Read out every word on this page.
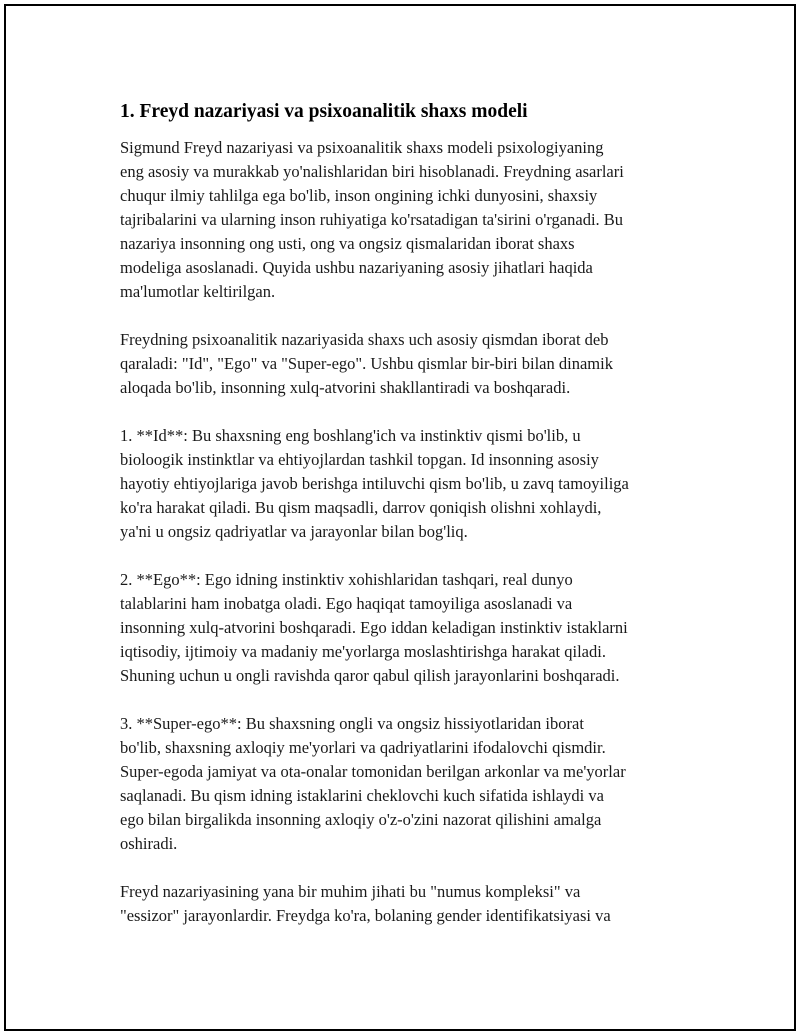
1. Freyd nazariyasi va psixoanalitik shaxs modeli

Sigmund Freyd nazariyasi va psixoanalitik shaxs modeli psixologiyaning
eng asosiy va murakkab yo'nalishlaridan biri hisoblanadi. Freydning asarlari
chuqur ilmiy tahlilga ega bo'lib, inson ongining ichki dunyosini, shaxsiy
tajribalarini va ularning inson ruhiyatiga ko'rsatadigan ta'sirini o'rganadi. Bu
nazariya insonning ong usti, ong va ongsiz qismalaridan iborat shaxs
modeliga asoslanadi. Quyida ushbu nazariyaning asosiy jihatlari haqida
ma'lumotlar keltirilgan.

Freydning psixoanalitik nazariyasida shaxs uch asosiy qismdan iborat deb
qaraladi: "Id", "Ego" va "Super-ego". Ushbu qismlar bir-biri bilan dinamik
aloqada bo'lib, insonning xulq-atvorini shakllantiradi va boshqaradi.

1. **Id**: Bu shaxsning eng boshlang'ich va instinktiv qismi bo'lib, u
bioloogik instinktlar va ehtiyojlardan tashkil topgan. Id insonning asosiy
hayotiy ehtiyojlariga javob berishga intiluvchi qism bo'lib, u zavq tamoyiliga
ko'ra harakat qiladi. Bu qism maqsadli, darrov qoniqish olishni xohlaydi,
ya'ni u ongsiz qadriyatlar va jarayonlar bilan bog'liq.

2. **Ego**: Ego idning instinktiv xohishlaridan tashqari, real dunyo
talablarini ham inobatga oladi. Ego haqiqat tamoyiliga asoslanadi va
insonning xulq-atvorini boshqaradi. Ego iddan keladigan instinktiv istaklarni
iqtisodiy, ijtimoiy va madaniy me'yorlarga moslashtirishga harakat qiladi.
Shuning uchun u ongli ravishda qaror qabul qilish jarayonlarini boshqaradi.

3. **Super-ego**: Bu shaxsning ongli va ongsiz hissiyotlaridan iborat
bo'lib, shaxsning axloqiy me'yorlari va qadriyatlarini ifodalovchi qismdir.
Super-egoda jamiyat va ota-onalar tomonidan berilgan arkonlar va me'yorlar
saqlanadi. Bu qism idning istaklarini cheklovchi kuch sifatida ishlaydi va
ego bilan birgalikda insonning axloqiy o'z-o'zini nazorat qilishini amalga
oshiradi.

Freyd nazariyasining yana bir muhim jihati bu "numus kompleksi" va
"essizor" jarayonlardir. Freydga ko'ra, bolaning gender identifikatsiyasi va
